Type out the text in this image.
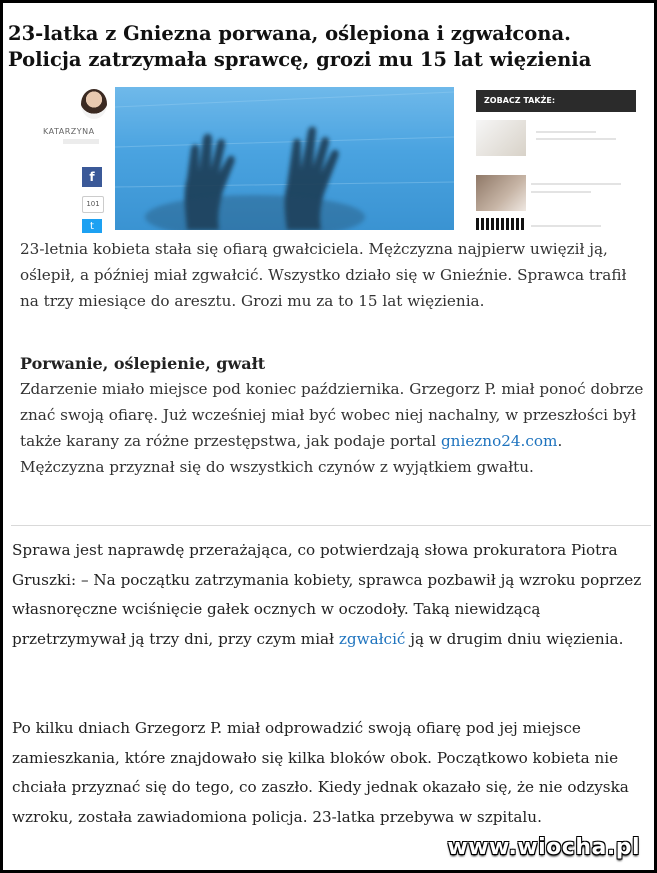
23-latka z Gniezna porwana, oślepiona i zgwałcona. Policja zatrzymała sprawcę, grozi mu 15 lat więzienia
KATARZYNA
f
101
t
ZOBACZ TAKŻE:

23-letnia kobieta stała się ofiarą gwałciciela. Mężczyzna najpierw uwięził ją, oślepił, a później miał zgwałcić. Wszystko działo się w Gnieźnie. Sprawca trafił na trzy miesiące do aresztu. Grozi mu za to 15 lat więzienia.

Porwanie, oślepienie, gwałt

Zdarzenie miało miejsce pod koniec października. Grzegorz P. miał ponoć dobrze znać swoją ofiarę. Już wcześniej miał być wobec niej nachalny, w przeszłości był także karany za różne przestępstwa, jak podaje portal gniezno24.com. Mężczyzna przyznał się do wszystkich czynów z wyjątkiem gwałtu.

Sprawa jest naprawdę przerażająca, co potwierdzają słowa prokuratora Piotra Gruszki: – Na początku zatrzymania kobiety, sprawca pozbawił ją wzroku poprzez własnoręczne wciśnięcie gałek ocznych w oczodoły. Taką niewidzącą przetrzymywał ją trzy dni, przy czym miał zgwałcić ją w drugim dniu więzienia.

Po kilku dniach Grzegorz P. miał odprowadzić swoją ofiarę pod jej miejsce zamieszkania, które znajdowało się kilka bloków obok. Początkowo kobieta nie chciała przyznać się do tego, co zaszło. Kiedy jednak okazało się, że nie odzyska wzroku, została zawiadomiona policja. 23-latka przebywa w szpitalu.

www.wiocha.pl
